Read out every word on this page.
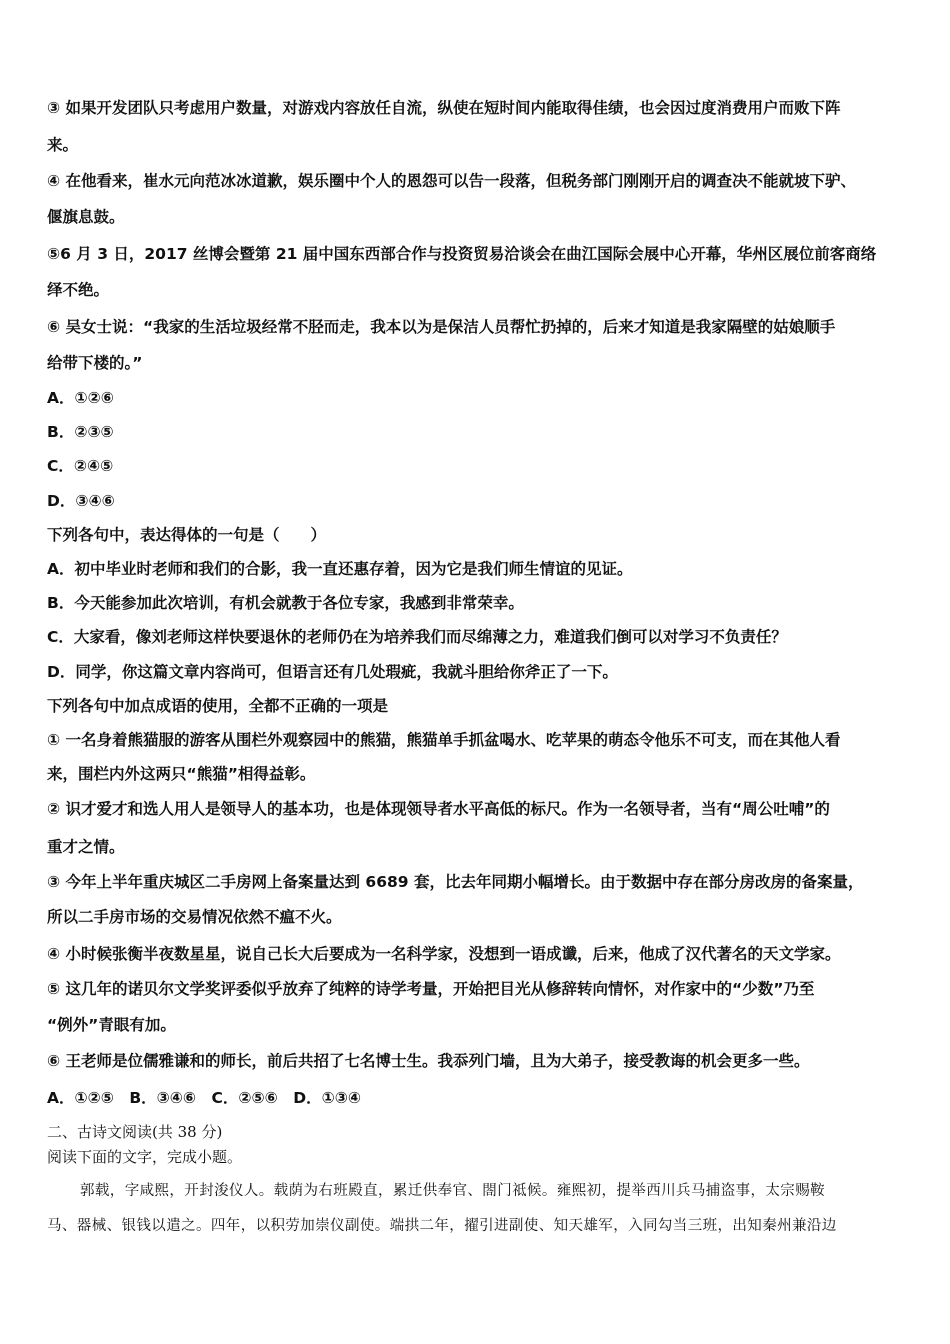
③ 如果开发团队只考虑用户数量，对游戏内容放任自流，纵使在短时间内能取得佳绩，也会因过度消费用户而败下阵
来。
④ 在他看来，崔水元向范冰冰道歉，娱乐圈中个人的恩怨可以告一段落，但税务部门刚刚开启的调查决不能就坡下驴、
偃旗息鼓。
⑤6 月 3 日，2017 丝博会暨第 21 届中国东西部合作与投资贸易洽谈会在曲江国际会展中心开幕，华州区展位前客商络
绎不绝。
⑥ 吴女士说：“我家的生活垃圾经常不胫而走，我本以为是保洁人员帮忙扔掉的，后来才知道是我家隔壁的姑娘顺手
给带下楼的。”
A．①②⑥
B．②③⑤
C．②④⑤
D．③④⑥
下列各句中，表达得体的一句是（　　）
A．初中毕业时老师和我们的合影，我一直还惠存着，因为它是我们师生情谊的见证。
B．今天能参加此次培训，有机会就教于各位专家，我感到非常荣幸。
C．大家看，像刘老师这样快要退休的老师仍在为培养我们而尽绵薄之力，难道我们倒可以对学习不负责任？
D．同学，你这篇文章内容尚可，但语言还有几处瑕疵，我就斗胆给你斧正了一下。
下列各句中加点成语的使用，全都不正确的一项是
① 一名身着熊猫服的游客从围栏外观察园中的熊猫，熊猫单手抓盆喝水、吃苹果的萌态令他乐不可支，而在其他人看
来，围栏内外这两只“熊猫”相得益彰。
② 识才爱才和选人用人是领导人的基本功，也是体现领导者水平高低的标尺。作为一名领导者，当有“周公吐哺”的
重才之情。
③ 今年上半年重庆城区二手房网上备案量达到 6689 套，比去年同期小幅增长。由于数据中存在部分房改房的备案量，
所以二手房市场的交易情况依然不瘟不火。
④ 小时候张衡半夜数星星，说自己长大后要成为一名科学家，没想到一语成谶，后来，他成了汉代著名的天文学家。
⑤ 这几年的诺贝尔文学奖评委似乎放弃了纯粹的诗学考量，开始把目光从修辞转向情怀，对作家中的“少数”乃至
“例外”青眼有加。
⑥ 王老师是位儒雅谦和的师长，前后共招了七名博士生。我忝列门墙，且为大弟子，接受教诲的机会更多一些。
A．①②⑤　B．③④⑥　C．②⑤⑥　D．①③④
二、古诗文阅读(共 38 分)
阅读下面的文字，完成小题。
郭载，字咸熙，开封浚仪人。载荫为右班殿直，累迁供奉官、閤门祗候。雍熙初，提举西川兵马捕盗事，太宗赐鞍
马、器械、银钱以遣之。四年，以积劳加崇仪副使。端拱二年，擢引进副使、知天雄军，入同勾当三班，出知秦州兼沿边
